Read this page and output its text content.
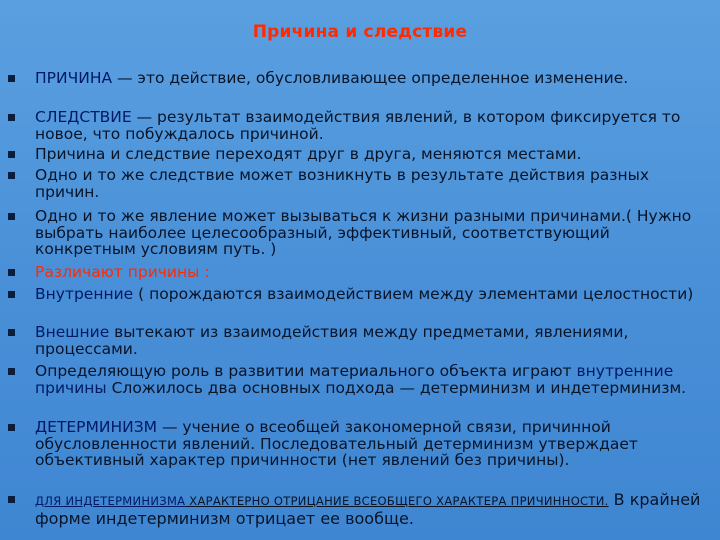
Причина и следствие
ПРИЧИНА — это действие, обусловливающее определенное изменение.
СЛЕДСТВИЕ — результат взаимодействия явлений, в котором фиксируется то новое, что побуждалось причиной.
Причина и следствие переходят друг в друга, меняются местами.
Одно и то же следствие может возникнуть в результате действия разных причин.
Одно и то же явление может вызываться к жизни разными причинами.( Нужно выбрать наиболее целесообразный, эффективный, соответствующий конкретным условиям путь. )
Различают причины :
Внутренние ( порождаются взаимодействием между элементами целостности)
Внешние вытекают из взаимодействия между предметами, явлениями, процессами.
Определяющую роль в развитии материального объекта играют внутренние причины Сложилось два основных подхода — детерминизм и индетерминизм.
ДЕТЕРМИНИЗМ — учение о всеобщей закономерной связи, причинной обусловленности явлений. Последовательный детерминизм утверждает объективный характер причинности (нет явлений без причины).
ДЛЯ ИНДЕТЕРМИНИЗМА ХАРАКТЕРНО ОТРИЦАНИЕ ВСЕОБЩЕГО ХАРАКТЕРА ПРИЧИННОСТИ. В крайней форме индетерминизм отрицает ее вообще.
